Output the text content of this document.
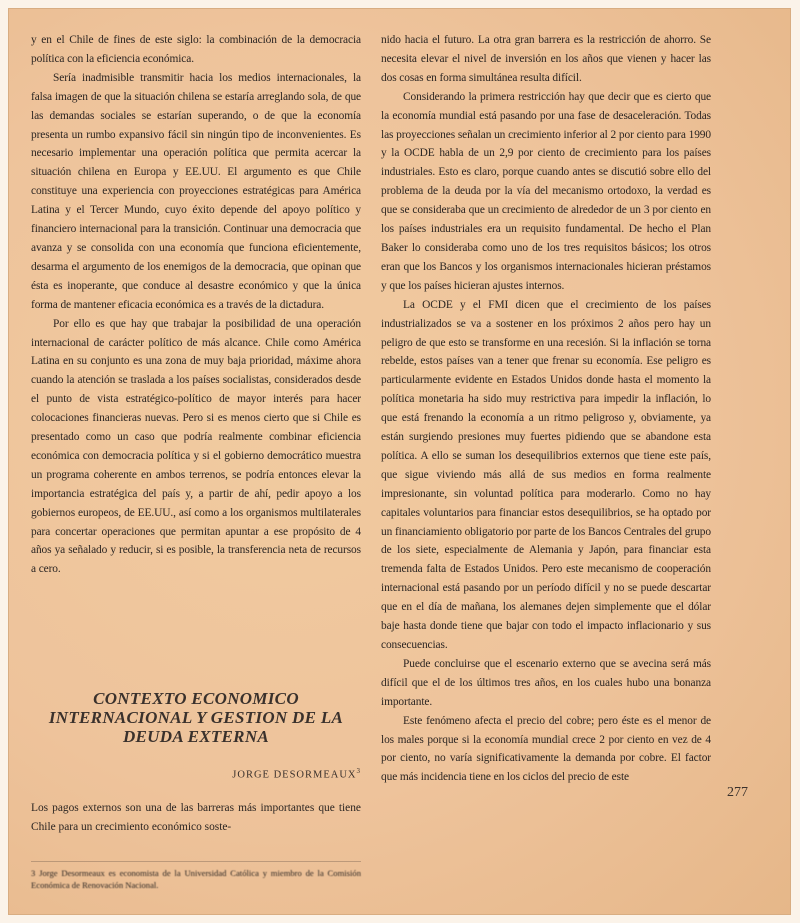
y en el Chile de fines de este siglo: la combinación de la democracia política con la eficiencia económica.

Sería inadmisible transmitir hacia los medios internacionales, la falsa imagen de que la situación chilena se estaría arreglando sola, de que las demandas sociales se estarían superando, o de que la economía presenta un rumbo expansivo fácil sin ningún tipo de inconvenientes. Es necesario implementar una operación política que permita acercar la situación chilena en Europa y EE.UU. El argumento es que Chile constituye una experiencia con proyecciones estratégicas para América Latina y el Tercer Mundo, cuyo éxito depende del apoyo político y financiero internacional para la transición. Continuar una democracia que avanza y se consolida con una economía que funciona eficientemente, desarma el argumento de los enemigos de la democracia, que opinan que ésta es inoperante, que conduce al desastre económico y que la única forma de mantener eficacia económica es a través de la dictadura.

Por ello es que hay que trabajar la posibilidad de una operación internacional de carácter político de más alcance. Chile como América Latina en su conjunto es una zona de muy baja prioridad, máxime ahora cuando la atención se traslada a los países socialistas, considerados desde el punto de vista estratégico-político de mayor interés para hacer colocaciones financieras nuevas. Pero si es menos cierto que si Chile es presentado como un caso que podría realmente combinar eficiencia económica con democracia política y si el gobierno democrático muestra un programa coherente en ambos terrenos, se podría entonces elevar la importancia estratégica del país y, a partir de ahí, pedir apoyo a los gobiernos europeos, de EE.UU., así como a los organismos multilaterales para concertar operaciones que permitan apuntar a ese propósito de 4 años ya señalado y reducir, si es posible, la transferencia neta de recursos a cero.

CONTEXTO ECONOMICO
INTERNACIONAL Y GESTION DE LA
DEUDA EXTERNA
JORGE DESORMEAUX$^3$
Los pagos externos son una de las barreras más importantes que tiene Chile para un crecimiento económico soste-
3 Jorge Desormeaux es economista de la Universidad Católica y miembro de la Comisión Económica de Renovación Nacional.

nido hacia el futuro. La otra gran barrera es la restricción de ahorro. Se necesita elevar el nivel de inversión en los años que vienen y hacer las dos cosas en forma simultánea resulta difícil.

Considerando la primera restricción hay que decir que es cierto que la economía mundial está pasando por una fase de desaceleración. Todas las proyecciones señalan un crecimiento inferior al 2 por ciento para 1990 y la OCDE habla de un 2,9 por ciento de crecimiento para los países industriales. Esto es claro, porque cuando antes se discutió sobre ello del problema de la deuda por la vía del mecanismo ortodoxo, la verdad es que se consideraba que un crecimiento de alrededor de un 3 por ciento en los países industriales era un requisito fundamental. De hecho el Plan Baker lo consideraba como uno de los tres requisitos básicos; los otros eran que los Bancos y los organismos internacionales hicieran préstamos y que los países hicieran ajustes internos.

La OCDE y el FMI dicen que el crecimiento de los países industrializados se va a sostener en los próximos 2 años pero hay un peligro de que esto se transforme en una recesión. Si la inflación se torna rebelde, estos países van a tener que frenar su economía. Ese peligro es particularmente evidente en Estados Unidos donde hasta el momento la política monetaria ha sido muy restrictiva para impedir la inflación, lo que está frenando la economía a un ritmo peligroso y, obviamente, ya están surgiendo presiones muy fuertes pidiendo que se abandone esta política. A ello se suman los desequilibrios externos que tiene este país, que sigue viviendo más allá de sus medios en forma realmente impresionante, sin voluntad política para moderarlo. Como no hay capitales voluntarios para financiar estos desequilibrios, se ha optado por un financiamiento obligatorio por parte de los Bancos Centrales del grupo de los siete, especialmente de Alemania y Japón, para financiar esta tremenda falta de Estados Unidos. Pero este mecanismo de cooperación internacional está pasando por un período difícil y no se puede descartar que en el día de mañana, los alemanes dejen simplemente que el dólar baje hasta donde tiene que bajar con todo el impacto inflacionario y sus consecuencias.

Puede concluirse que el escenario externo que se avecina será más difícil que el de los últimos tres años, en los cuales hubo una bonanza importante.

Este fenómeno afecta el precio del cobre; pero éste es el menor de los males porque si la economía mundial crece 2 por ciento en vez de 4 por ciento, no varía significativamente la demanda por cobre. El factor que más incidencia tiene en los ciclos del precio de este

277
